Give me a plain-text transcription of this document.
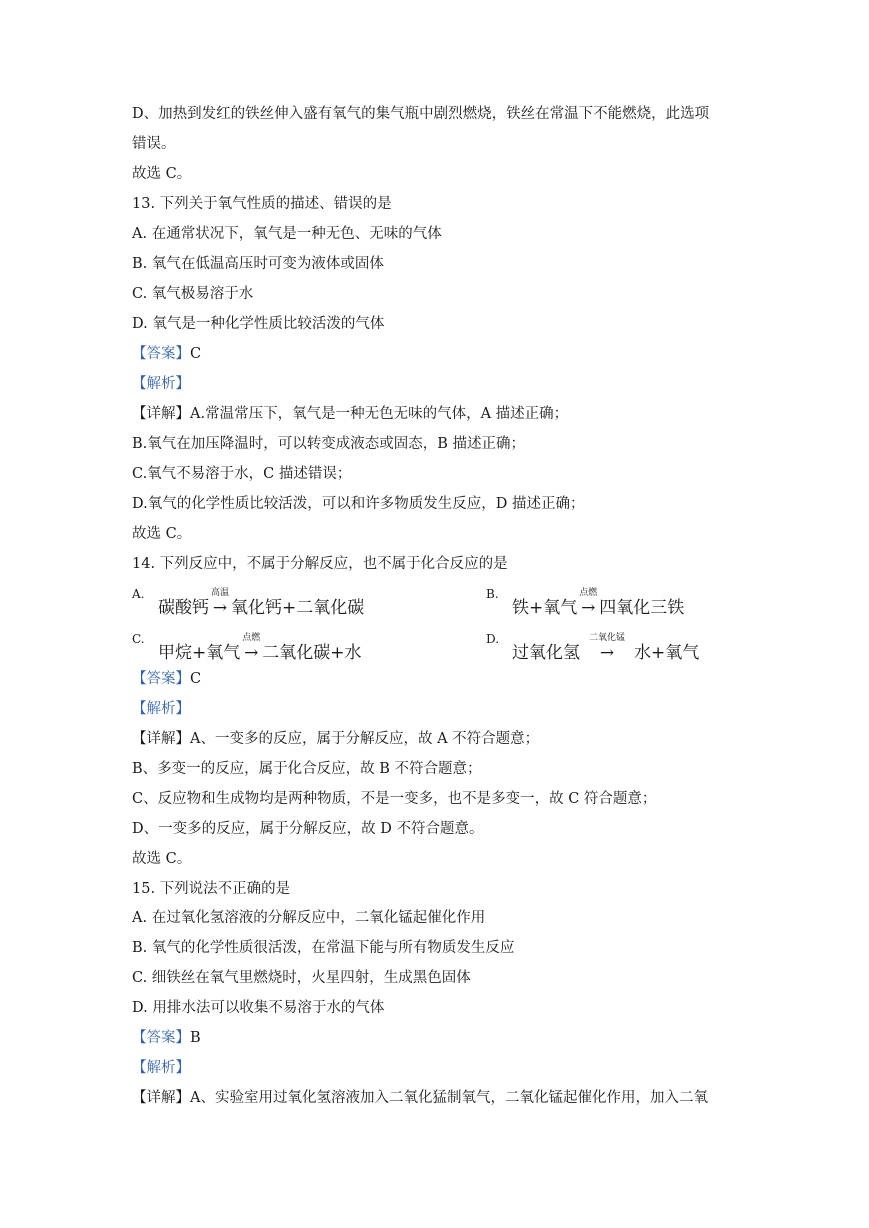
D、加热到发红的铁丝伸入盛有氧气的集气瓶中剧烈燃烧，铁丝在常温下不能燃烧，此选项
错误。
故选 C。
13. 下列关于氧气性质的描述、错误的是
A. 在通常状况下，氧气是一种无色、无味的气体
B. 氧气在低温高压时可变为液体或固体
C. 氧气极易溶于水
D. 氧气是一种化学性质比较活泼的气体
【答案】C
【解析】
【详解】A.常温常压下，氧气是一种无色无味的气体，A 描述正确；
B.氧气在加压降温时，可以转变成液态或固态，B 描述正确；
C.氧气不易溶于水，C 描述错误；
D.氧气的化学性质比较活泼，可以和许多物质发生反应，D 描述正确；
故选 C。
14. 下列反应中，不属于分解反应，也不属于化合反应的是
A.
碳酸钙
高温
→ 氧化钙+二氧化碳
B.
铁+氧气
点燃
→ 四氧化三铁
C.
甲烷+氧气
点燃
→ 二氧化碳+水
D.
过氧化氢
二氧化锰
→ 水+氧气
【答案】C
【解析】
【详解】A、一变多的反应，属于分解反应，故 A 不符合题意；
B、多变一的反应，属于化合反应，故 B 不符合题意；
C、反应物和生成物均是两种物质，不是一变多，也不是多变一，故 C 符合题意；
D、一变多的反应，属于分解反应，故 D 不符合题意。
故选 C。
15. 下列说法不正确的是
A. 在过氧化氢溶液的分解反应中，二氧化锰起催化作用
B. 氧气的化学性质很活泼，在常温下能与所有物质发生反应
C. 细铁丝在氧气里燃烧时，火星四射，生成黑色固体
D. 用排水法可以收集不易溶于水的气体
【答案】B
【解析】
【详解】A、实验室用过氧化氢溶液加入二氧化猛制氧气，二氧化锰起催化作用，加入二氧
